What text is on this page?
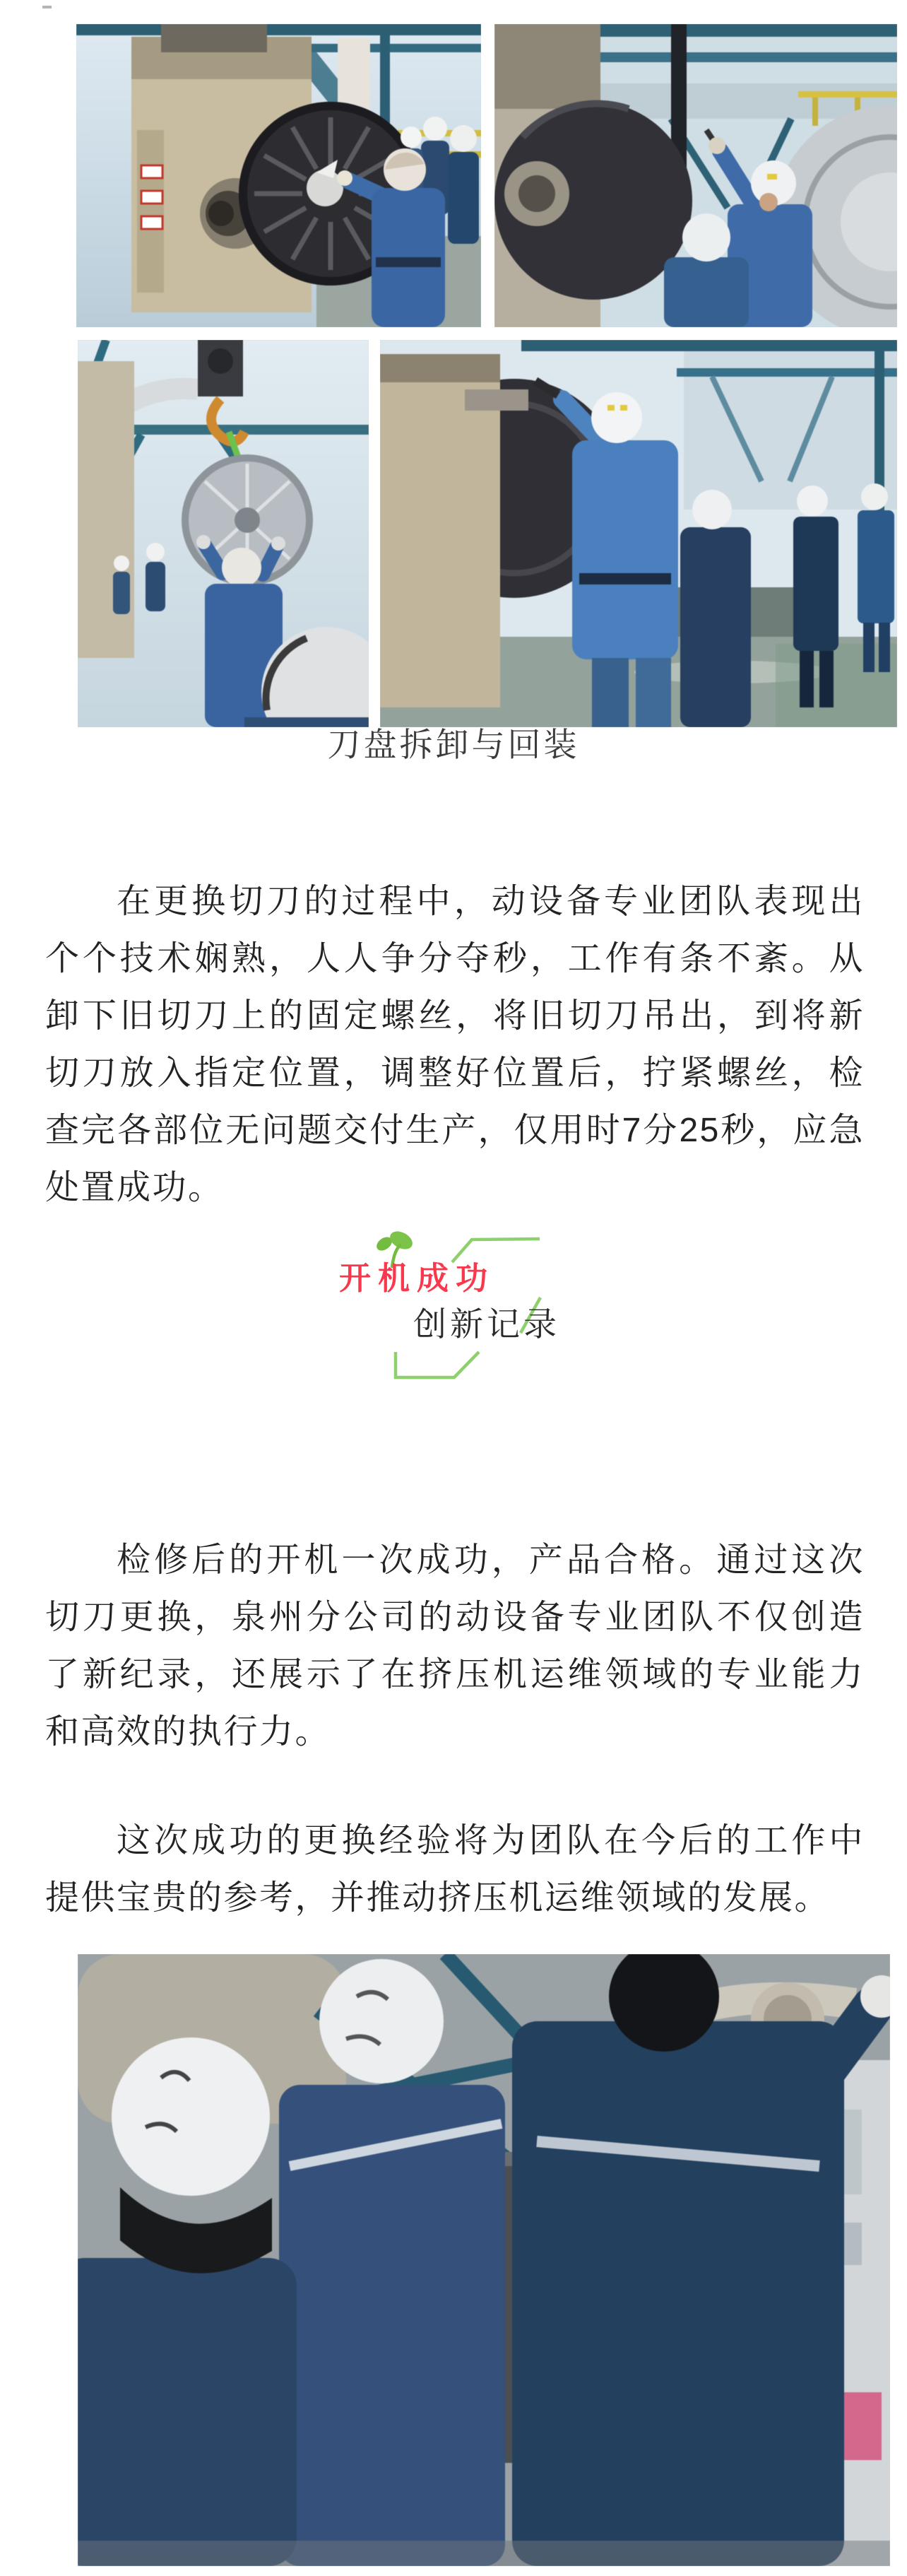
刀盘拆卸与回装

在更换切刀的过程中，动设备专业团队表现出个个技术娴熟，人人争分夺秒，工作有条不紊。从卸下旧切刀上的固定螺丝，将旧切刀吊出，到将新切刀放入指定位置，调整好位置后，拧紧螺丝，检查完各部位无问题交付生产，仅用时7分25秒，应急处置成功。

开机成功
创新记录

检修后的开机一次成功，产品合格。通过这次切刀更换，泉州分公司的动设备专业团队不仅创造了新纪录，还展示了在挤压机运维领域的专业能力和高效的执行力。

这次成功的更换经验将为团队在今后的工作中提供宝贵的参考，并推动挤压机运维领域的发展。
